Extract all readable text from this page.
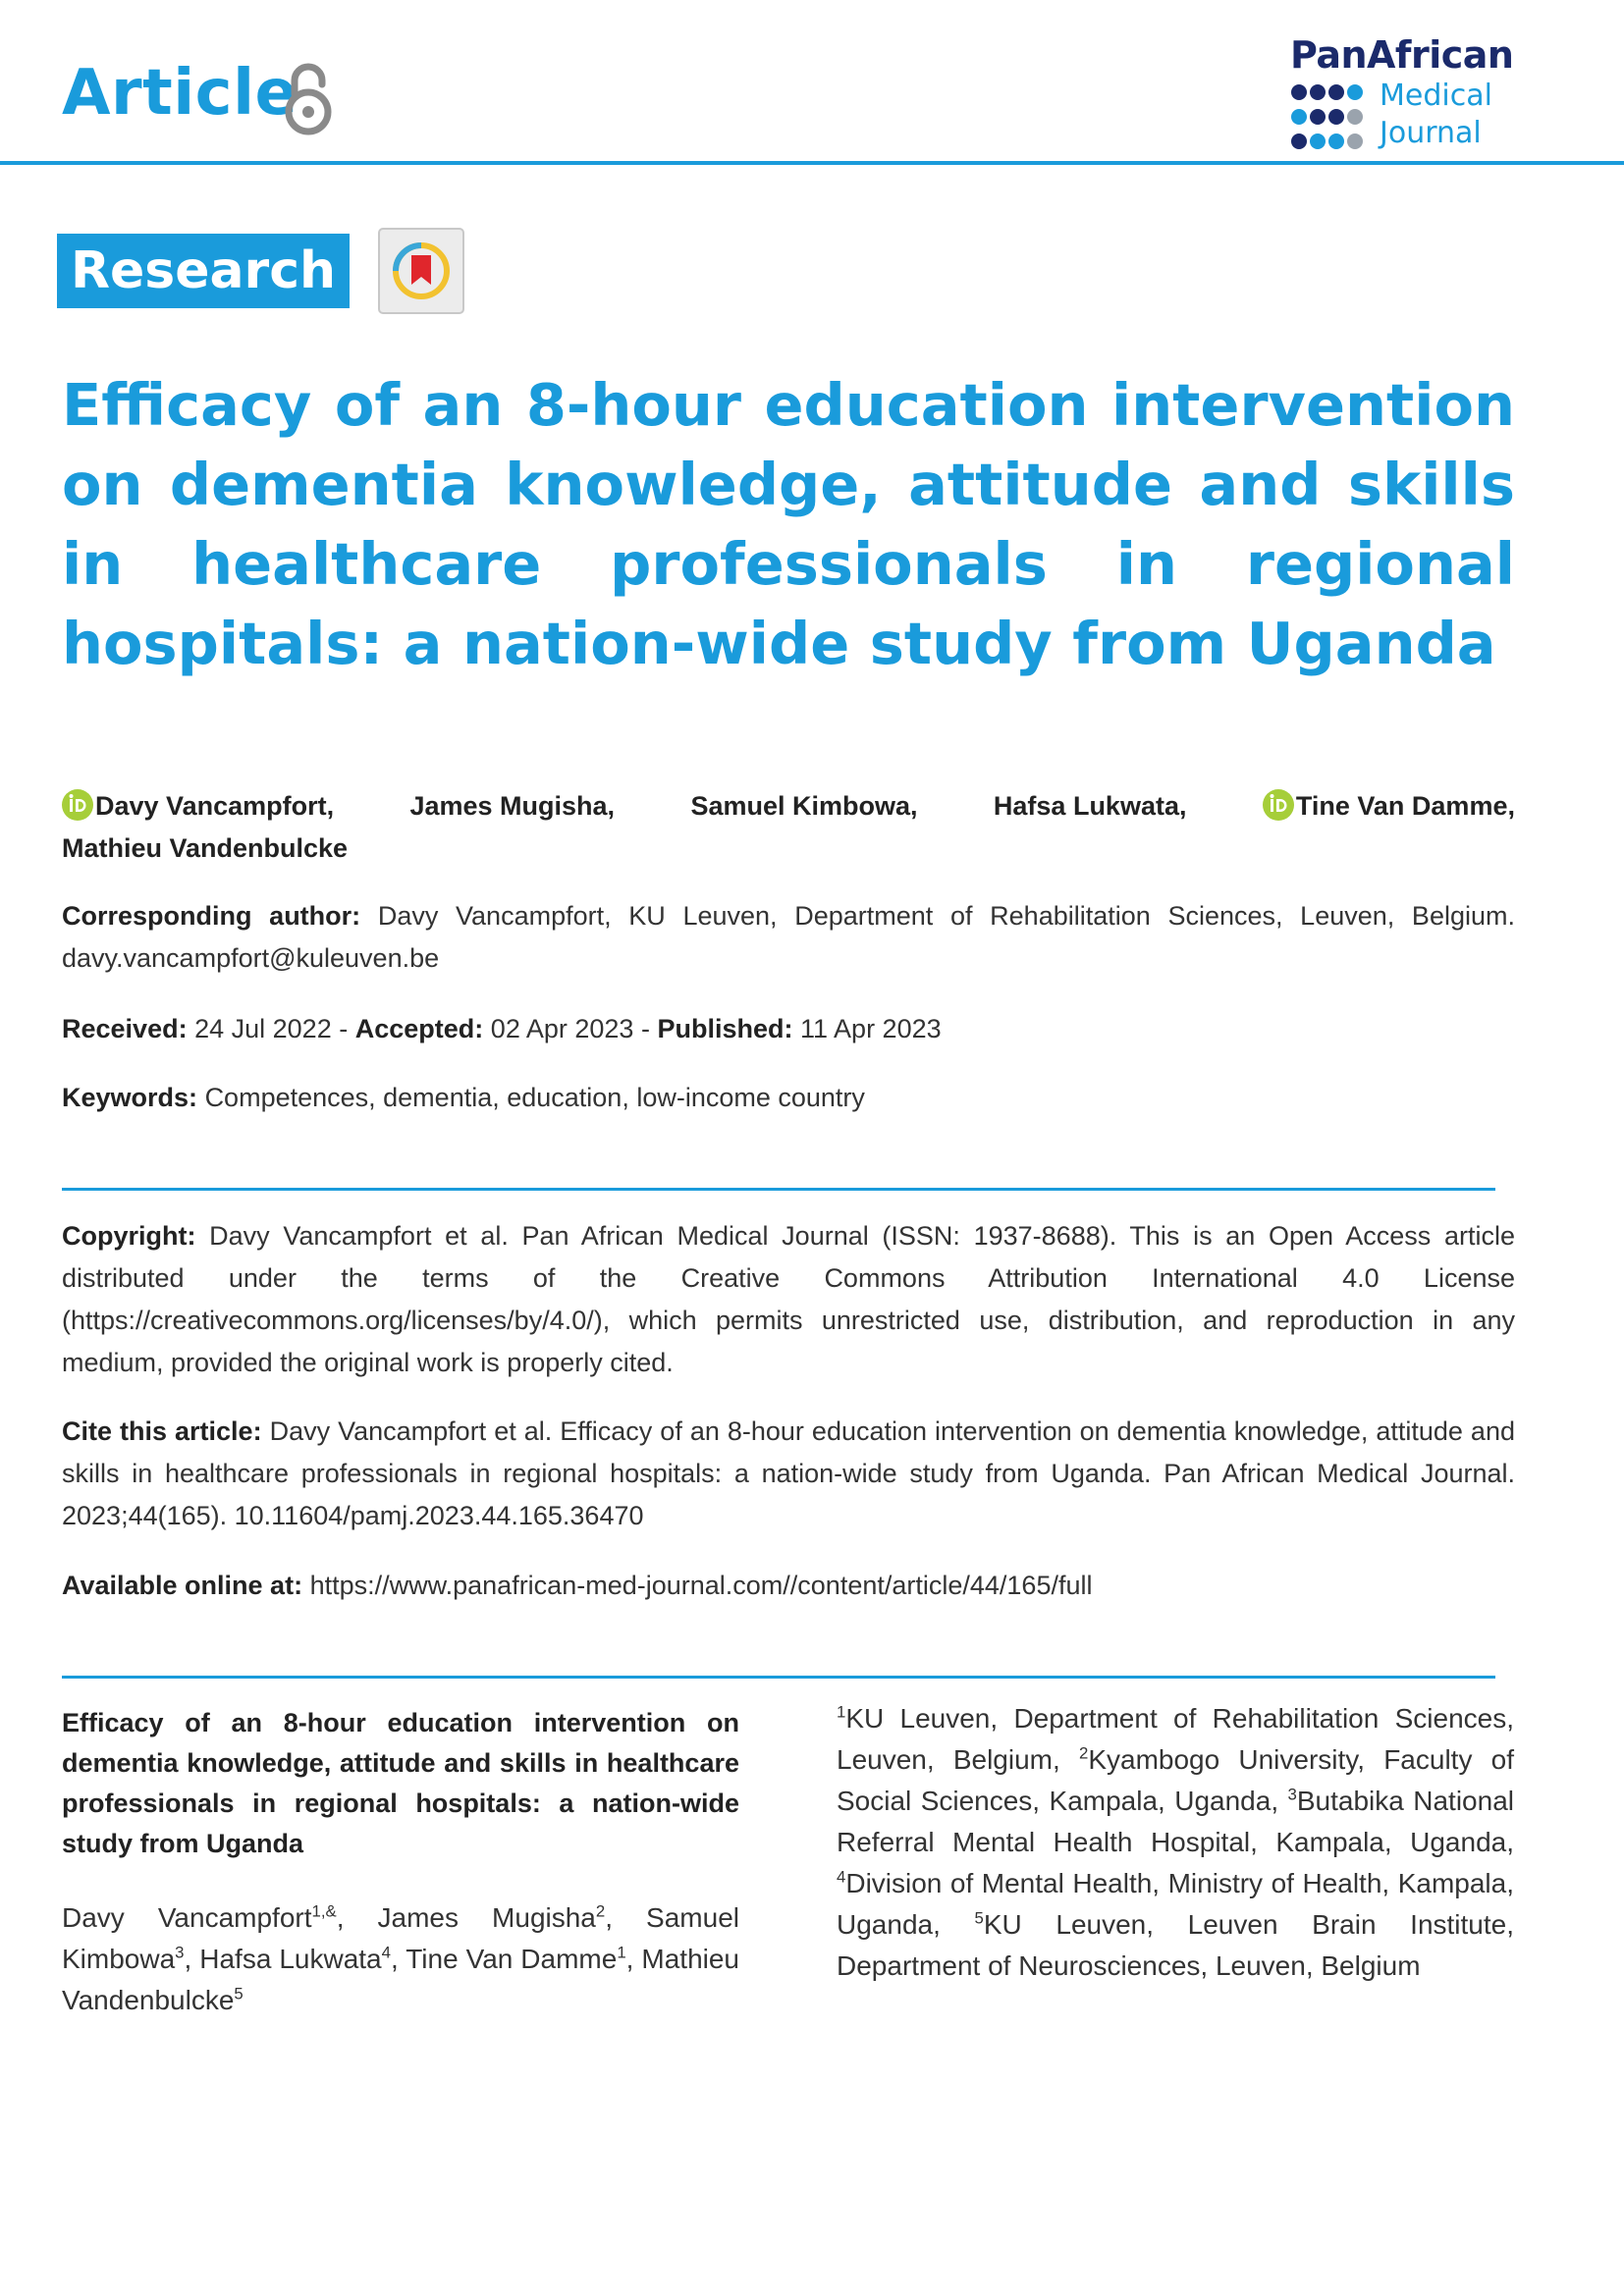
Article
PanAfrican
Medical
Journal
Research
Efficacy of an 8-hour education intervention on dementia knowledge, attitude and skills in healthcare professionals in regional hospitals: a nation-wide study from Uganda
Davy Vancampfort,	James Mugisha,	Samuel Kimbowa,	Hafsa Lukwata,	Tine Van Damme,
Mathieu Vandenbulcke

Corresponding author: Davy Vancampfort, KU Leuven, Department of Rehabilitation Sciences, Leuven, Belgium. davy.vancampfort@kuleuven.be

Received: 24 Jul 2022 - Accepted: 02 Apr 2023 - Published: 11 Apr 2023

Keywords: Competences, dementia, education, low-income country

Copyright: Davy Vancampfort et al. Pan African Medical Journal (ISSN: 1937-8688). This is an Open Access article distributed under the terms of the Creative Commons Attribution International 4.0 License (https://creativecommons.org/licenses/by/4.0/), which permits unrestricted use, distribution, and reproduction in any medium, provided the original work is properly cited.

Cite this article: Davy Vancampfort et al. Efficacy of an 8-hour education intervention on dementia knowledge, attitude and skills in healthcare professionals in regional hospitals: a nation-wide study from Uganda. Pan African Medical Journal. 2023;44(165). 10.11604/pamj.2023.44.165.36470

Available online at: https://www.panafrican-med-journal.com//content/article/44/165/full

Efficacy of an 8-hour education intervention on dementia knowledge, attitude and skills in healthcare professionals in regional hospitals: a nation-wide study from Uganda

Davy Vancampfort$^{1,\&}$, James Mugisha$^2$, Samuel Kimbowa$^3$, Hafsa Lukwata$^4$, Tine Van Damme$^1$, Mathieu Vandenbulcke$^5$
$^1$KU Leuven, Department of Rehabilitation Sciences, Leuven, Belgium, $^2$Kyambogo University, Faculty of Social Sciences, Kampala, Uganda, $^3$Butabika National Referral Mental Health Hospital, Kampala, Uganda, $^4$Division of Mental Health, Ministry of Health, Kampala, Uganda, $^5$KU Leuven, Leuven Brain Institute, Department of Neurosciences, Leuven, Belgium
